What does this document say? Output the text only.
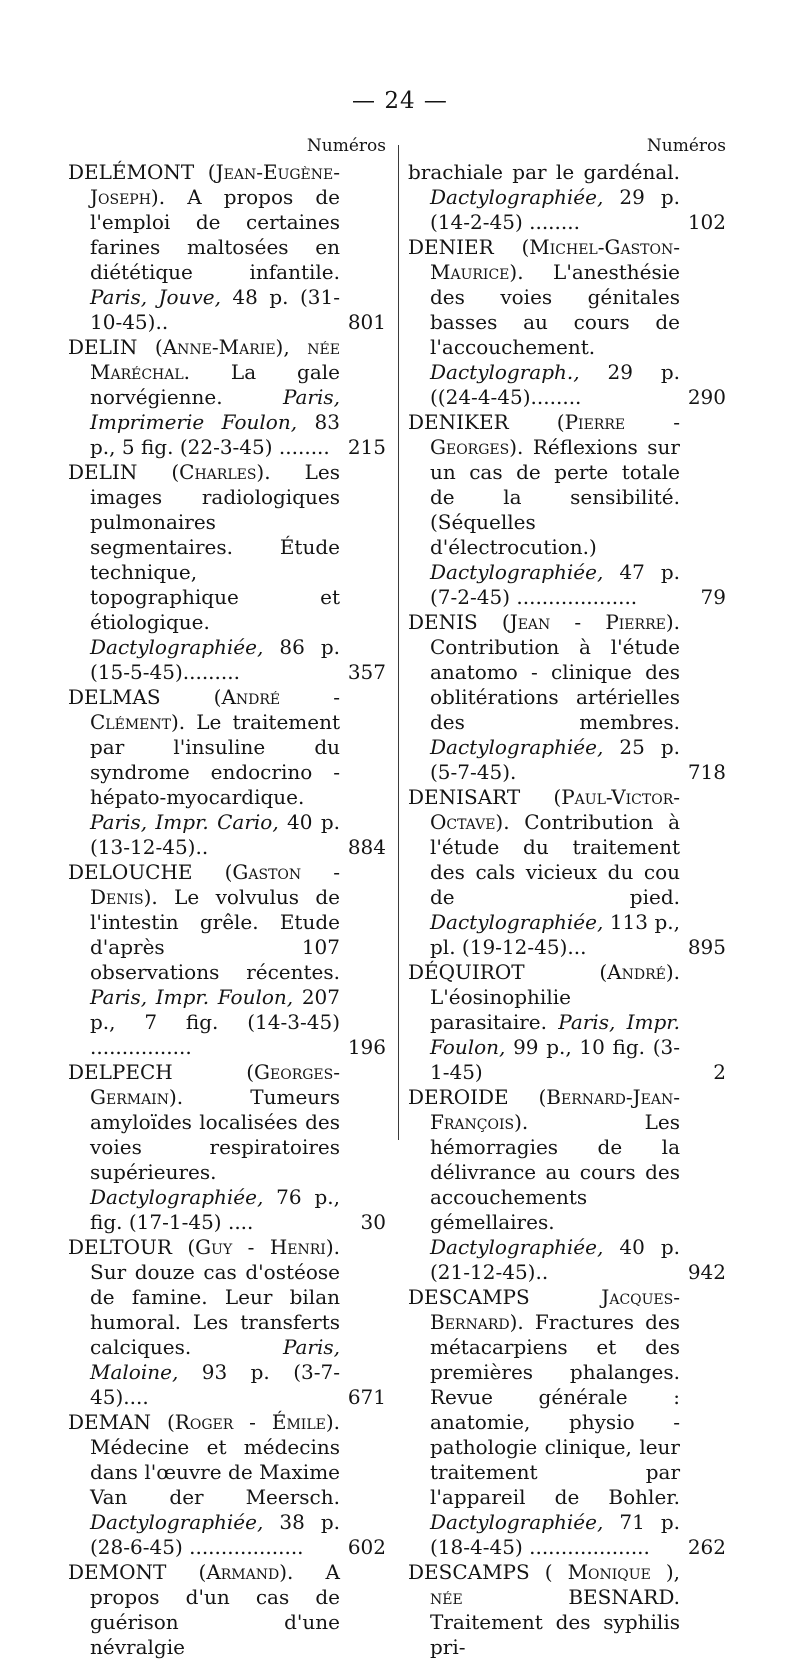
— 24 —
Numéros
DELÉMONT (Jean-Eugène-Joseph). A propos de l'emploi de certaines farines maltosées en diététique infantile. Paris, Jouve, 48 p. (31-10-45)..	801
DELIN (Anne-Marie), née Maréchal. La gale norvégienne. Paris, Imprimerie Foulon, 83 p., 5 fig. (22-3-45) ........ 215
DELIN (Charles). Les images radiologiques pulmonaires segmentaires. Étude technique, topographique et étiologique. Dactylographiée, 86 p. (15-5-45).........	357
DELMAS (André - Clément). Le traitement par l'insuline du syndrome endocrino - hépato-myocardique. Paris, Impr. Cario, 40 p. (13-12-45)..	884
DELOUCHE (Gaston - Denis). Le volvulus de l'intestin grêle. Etude d'après 107 observations récentes. Paris, Impr. Foulon, 207 p., 7 fig. (14-3-45) ................	196
DELPECH (Georges-Germain). Tumeurs amyloïdes localisées des voies respiratoires supérieures. Dactylographiée, 76 p., fig. (17-1-45) ....	30
DELTOUR (Guy - Henri). Sur douze cas d'ostéose de famine. Leur bilan humoral. Les transferts calciques. Paris, Maloine, 93 p. (3-7-45)....	671
DEMAN (Roger - Émile). Médecine et médecins dans l'œuvre de Maxime Van der Meersch. Dactylographiée, 38 p. (28-6-45) ..................	602
DEMONT (Armand). A propos d'un cas de guérison d'une névralgie
Numéros
brachiale par le gardénal. Dactylographiée, 29 p. (14-2-45) ........	102
DENIER (Michel-Gaston-Maurice). L'anesthésie des voies génitales basses au cours de l'accouchement. Dactylograph., 29 p. ((24-4-45)........	290
DENIKER (Pierre - Georges). Réflexions sur un cas de perte totale de la sensibilité. (Séquelles d'électrocution.) Dactylographiée, 47 p. (7-2-45) ...................	79
DENIS (Jean - Pierre). Contribution à l'étude anatomo - clinique des oblitérations artérielles des membres. Dactylographiée, 25 p. (5-7-45).	718
DENISART (Paul-Victor-Octave). Contribution à l'étude du traitement des cals vicieux du cou de pied. Dactylographiée, 113 p., pl. (19-12-45)...	895
DÉQUIROT (André). L'éosinophilie parasitaire. Paris, Impr. Foulon, 99 p., 10 fig. (3-1-45)	2
DEROIDE (Bernard-Jean-François). Les hémorragies de la délivrance au cours des accouchements gémellaires. Dactylographiée, 40 p. (21-12-45)..	942
DESCAMPS Jacques-Bernard). Fractures des métacarpiens et des premières phalanges. Revue générale : anatomie, physio - pathologie clinique, leur traitement par l'appareil de Bohler. Dactylographiée, 71 p. (18-4-45) ...................	262
DESCAMPS ( Monique ), née BESNARD. Traitement des syphilis pri-
